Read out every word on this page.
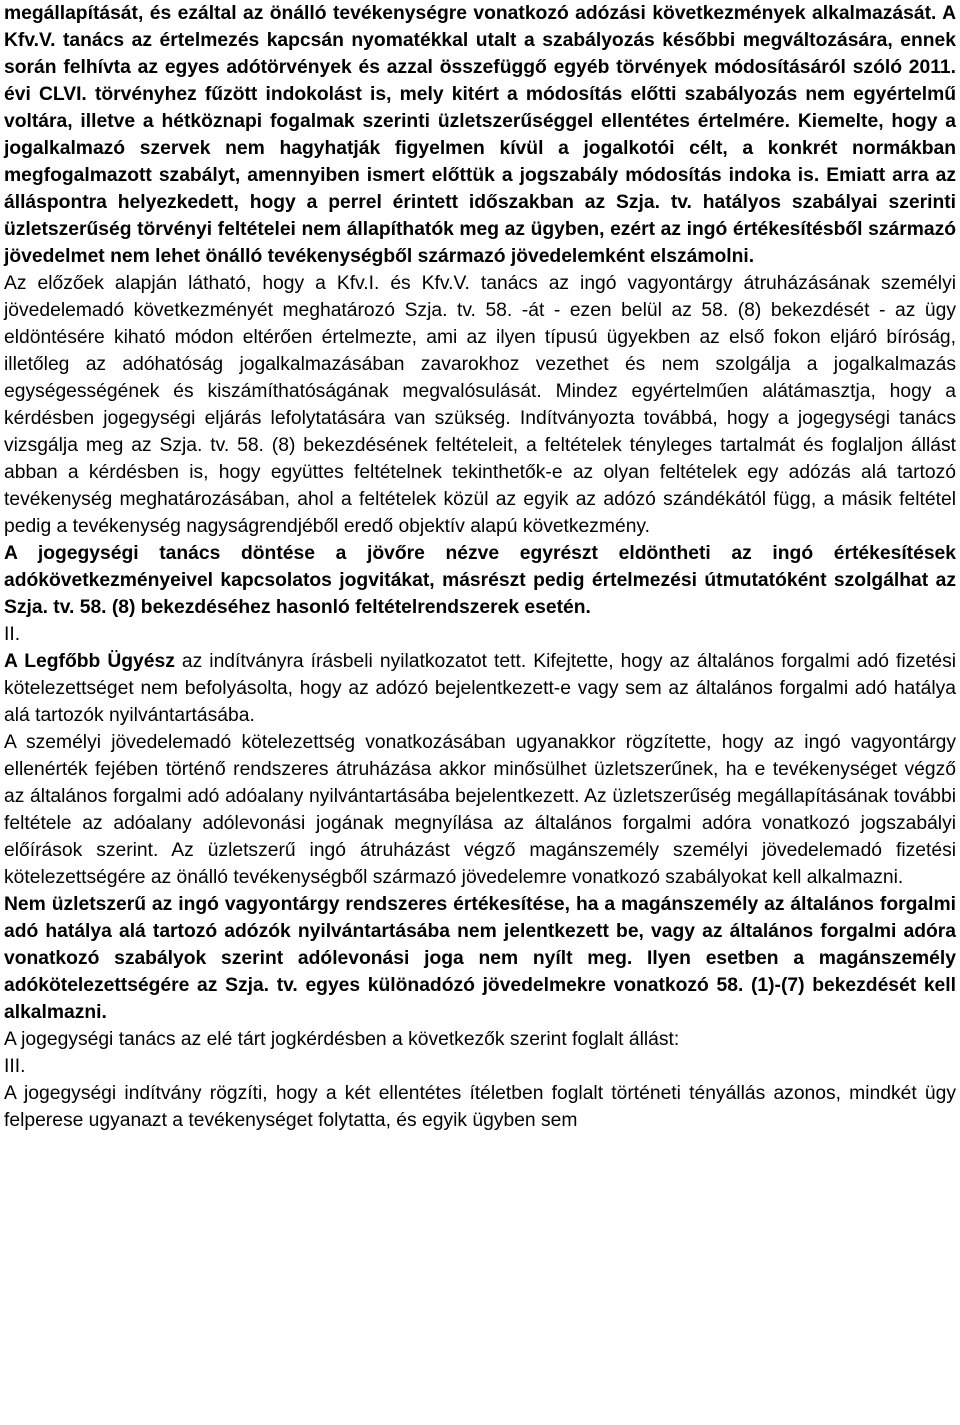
megállapítását, és ezáltal az önálló tevékenységre vonatkozó adózási következmények alkalmazását. A Kfv.V. tanács az értelmezés kapcsán nyomatékkal utalt a szabályozás későbbi megváltozására, ennek során felhívta az egyes adótörvények és azzal összefüggő egyéb törvények módosításáról szóló 2011. évi CLVI. törvényhez fűzött indokolást is, mely kitért a módosítás előtti szabályozás nem egyértelmű voltára, illetve a hétköznapi fogalmak szerinti üzletszerűséggel ellentétes értelmére. Kiemelte, hogy a jogalkalmazó szervek nem hagyhatják figyelmen kívül a jogalkotói célt, a konkrét normákban megfogalmazott szabályt, amennyiben ismert előttük a jogszabály módosítás indoka is. Emiatt arra az álláspontra helyezkedett, hogy a perrel érintett időszakban az Szja. tv. hatályos szabályai szerinti üzletszerűség törvényi feltételei nem állapíthatók meg az ügyben, ezért az ingó értékesítésből származó jövedelmet nem lehet önálló tevékenységből származó jövedelemként elszámolni.

Az előzőek alapján látható, hogy a Kfv.I. és Kfv.V. tanács az ingó vagyontárgy átruházásának személyi jövedelemadó következményét meghatározó Szja. tv. 58. -át - ezen belül az 58. (8) bekezdését - az ügy eldöntésére kiható módon eltérően értelmezte, ami az ilyen típusú ügyekben az első fokon eljáró bíróság, illetőleg az adóhatóság jogalkalmazásában zavarokhoz vezethet és nem szolgálja a jogalkalmazás egységességének és kiszámíthatóságának megvalósulását. Mindez egyértelműen alátámasztja, hogy a kérdésben jogegységi eljárás lefolytatására van szükség. Indítványozta továbbá, hogy a jogegységi tanács vizsgálja meg az Szja. tv. 58. (8) bekezdésének feltételeit, a feltételek tényleges tartalmát és foglaljon állást abban a kérdésben is, hogy együttes feltételnek tekinthetők-e az olyan feltételek egy adózás alá tartozó tevékenység meghatározásában, ahol a feltételek közül az egyik az adózó szándékától függ, a másik feltétel pedig a tevékenység nagyságrendjéből eredő objektív alapú következmény.

A jogegységi tanács döntése a jövőre nézve egyrészt eldöntheti az ingó értékesítések adókövetkezményeivel kapcsolatos jogvitákat, másrészt pedig értelmezési útmutatóként szolgálhat az Szja. tv. 58. (8) bekezdéséhez hasonló feltételrendszerek esetén.

II.

A Legfőbb Ügyész az indítványra írásbeli nyilatkozatot tett. Kifejtette, hogy az általános forgalmi adó fizetési kötelezettséget nem befolyásolta, hogy az adózó bejelentkezett-e vagy sem az általános forgalmi adó hatálya alá tartozók nyilvántartásába.

A személyi jövedelemadó kötelezettség vonatkozásában ugyanakkor rögzítette, hogy az ingó vagyontárgy ellenérték fejében történő rendszeres átruházása akkor minősülhet üzletszerűnek, ha e tevékenységet végző az általános forgalmi adó adóalany nyilvántartásába bejelentkezett. Az üzletszerűség megállapításának további feltétele az adóalany adólevonási jogának megnyílása az általános forgalmi adóra vonatkozó jogszabályi előírások szerint. Az üzletszerű ingó átruházást végző magánszemély személyi jövedelemadó fizetési kötelezettségére az önálló tevékenységből származó jövedelemre vonatkozó szabályokat kell alkalmazni.

Nem üzletszerű az ingó vagyontárgy rendszeres értékesítése, ha a magánszemély az általános forgalmi adó hatálya alá tartozó adózók nyilvántartásába nem jelentkezett be, vagy az általános forgalmi adóra vonatkozó szabályok szerint adólevonási joga nem nyílt meg. Ilyen esetben a magánszemély adókötelezettségére az Szja. tv. egyes különadózó jövedelmekre vonatkozó 58. (1)-(7) bekezdését kell alkalmazni.

A jogegységi tanács az elé tárt jogkérdésben a következők szerint foglalt állást:

III.

A jogegységi indítvány rögzíti, hogy a két ellentétes ítéletben foglalt történeti tényállás azonos, mindkét ügy felperese ugyanazt a tevékenységet folytatta, és egyik ügyben sem
